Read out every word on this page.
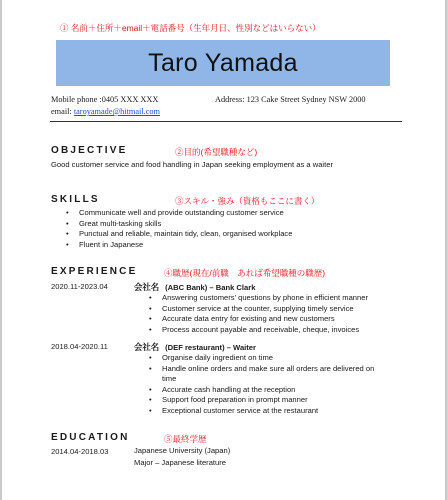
① 名前＋住所＋email＋電話番号（生年月日、性別などはいらない）
Taro Yamada
Mobile phone :0405 XXX XXX	Address: 123 Cake Street Sydney NSW 2000
email: taroyamade@hitmail.com
OBJECTIVE	②目的(希望職種など)
Good customer service and food handling in Japan seeking employment as a waiter
SKILLS	③スキル・強み（資格もここに書く）
• Communicate well and provide outstanding customer service
• Great multi-tasking skills
• Punctual and reliable, maintain tidy, clean, organised workplace
• Fluent in Japanese
EXPERIENCE	④職歴(現在/前職　あれば希望職種の職歴)
2020.11-2023.04	会社名 (ABC Bank) – Bank Clark
• Answering customers’ questions by phone in efficient manner
• Customer service at the counter, supplying timely service
• Accurate data entry for existing and new customers
• Process account payable and receivable, cheque, invoices
2018.04-2020.11	会社名 (DEF restaurant) – Waiter
• Organise daily ingredient on time
• Handle online orders and make sure all orders are delivered on
time
• Accurate cash handling at the reception
• Support food preparation in prompt manner
• Exceptional customer service at the restaurant
EDUCATION	⑤最終学歴
2014.04-2018.03	Japanese University (Japan)
Major – Japanese literature
